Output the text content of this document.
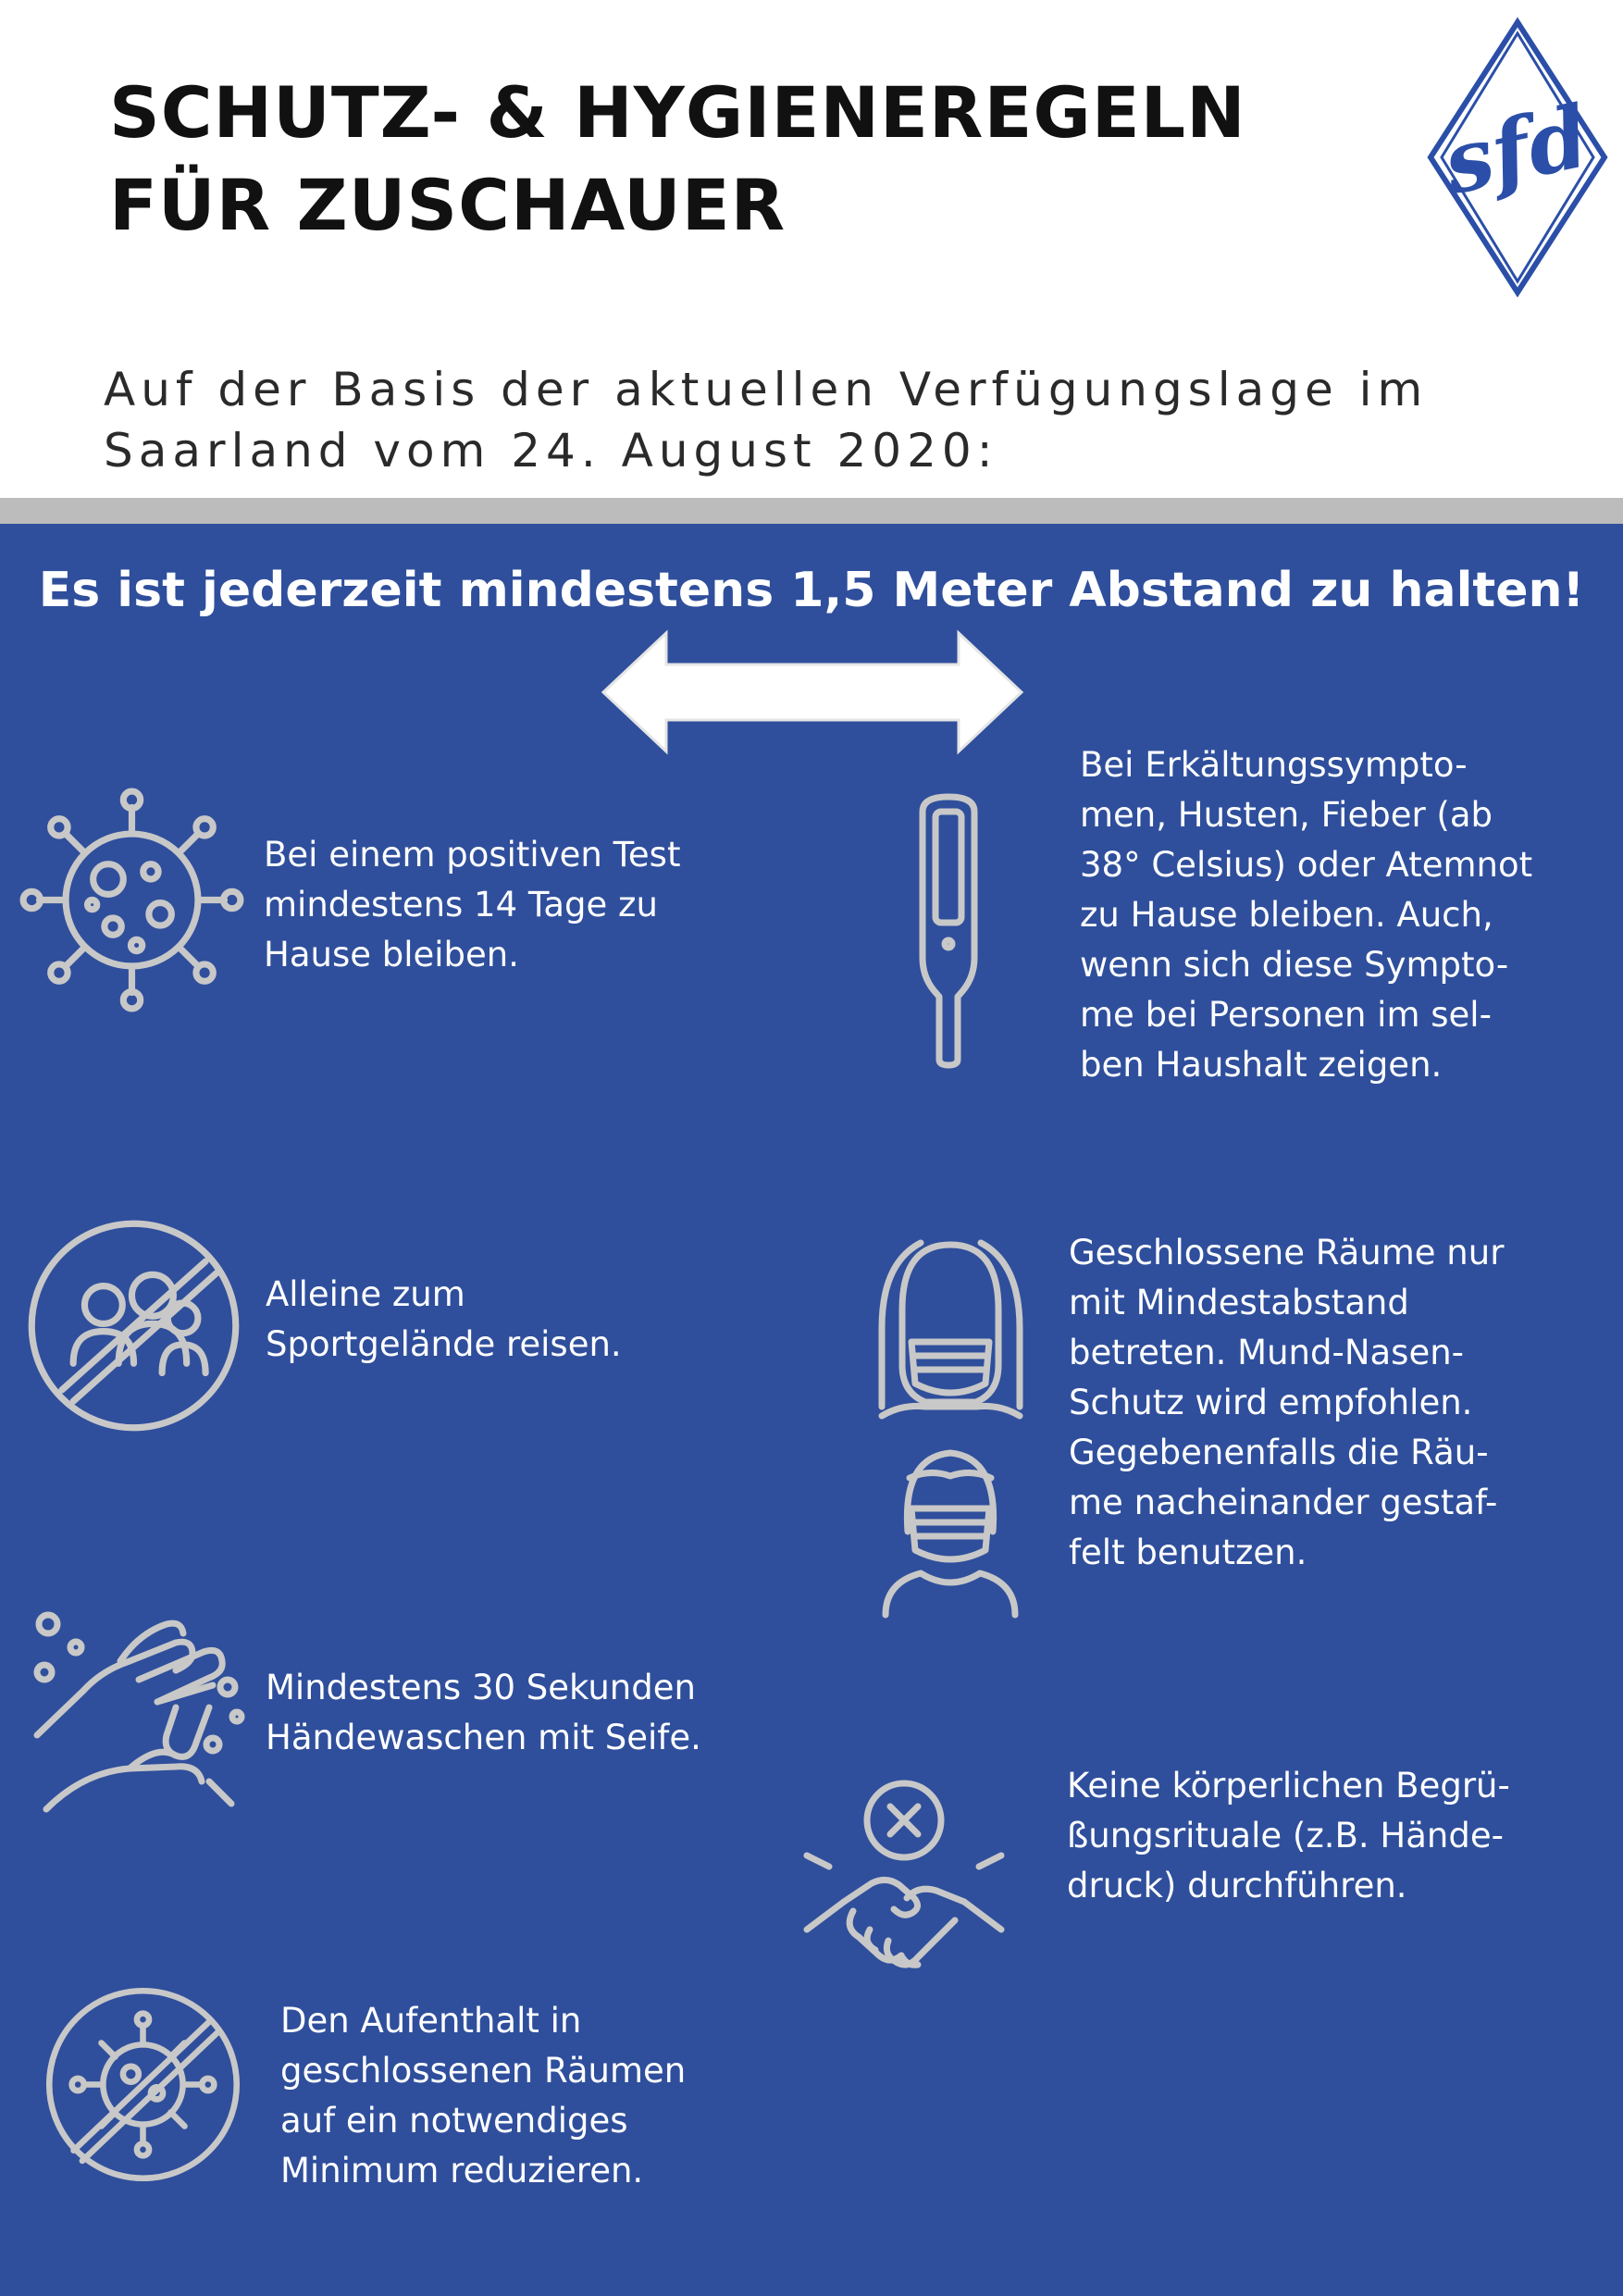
SCHUTZ- & HYGIENEREGELN
FÜR ZUSCHAUER	sfd
Auf der Basis der aktuellen Verfügungslage im
Saarland vom 24. August 2020:
Es ist jederzeit mindestens 1,5 Meter Abstand zu halten!
Bei einem positiven Test
mindestens 14 Tage zu
Hause bleiben.
Bei Erkältungssympto-
men, Husten, Fieber (ab
38° Celsius) oder Atemnot
zu Hause bleiben. Auch,
wenn sich diese Sympto-
me bei Personen im sel-
ben Haushalt zeigen.
Alleine zum
Sportgelände reisen.
Geschlossene Räume nur
mit Mindestabstand
betreten. Mund-Nasen-
Schutz wird empfohlen.
Gegebenenfalls die Räu-
me nacheinander gestaf-
felt benutzen.
Mindestens 30 Sekunden
Händewaschen mit Seife.
Keine körperlichen Begrü-
ßungsrituale (z.B. Hände-
druck) durchführen.
Den Aufenthalt in
geschlossenen Räumen
auf ein notwendiges
Minimum reduzieren.
